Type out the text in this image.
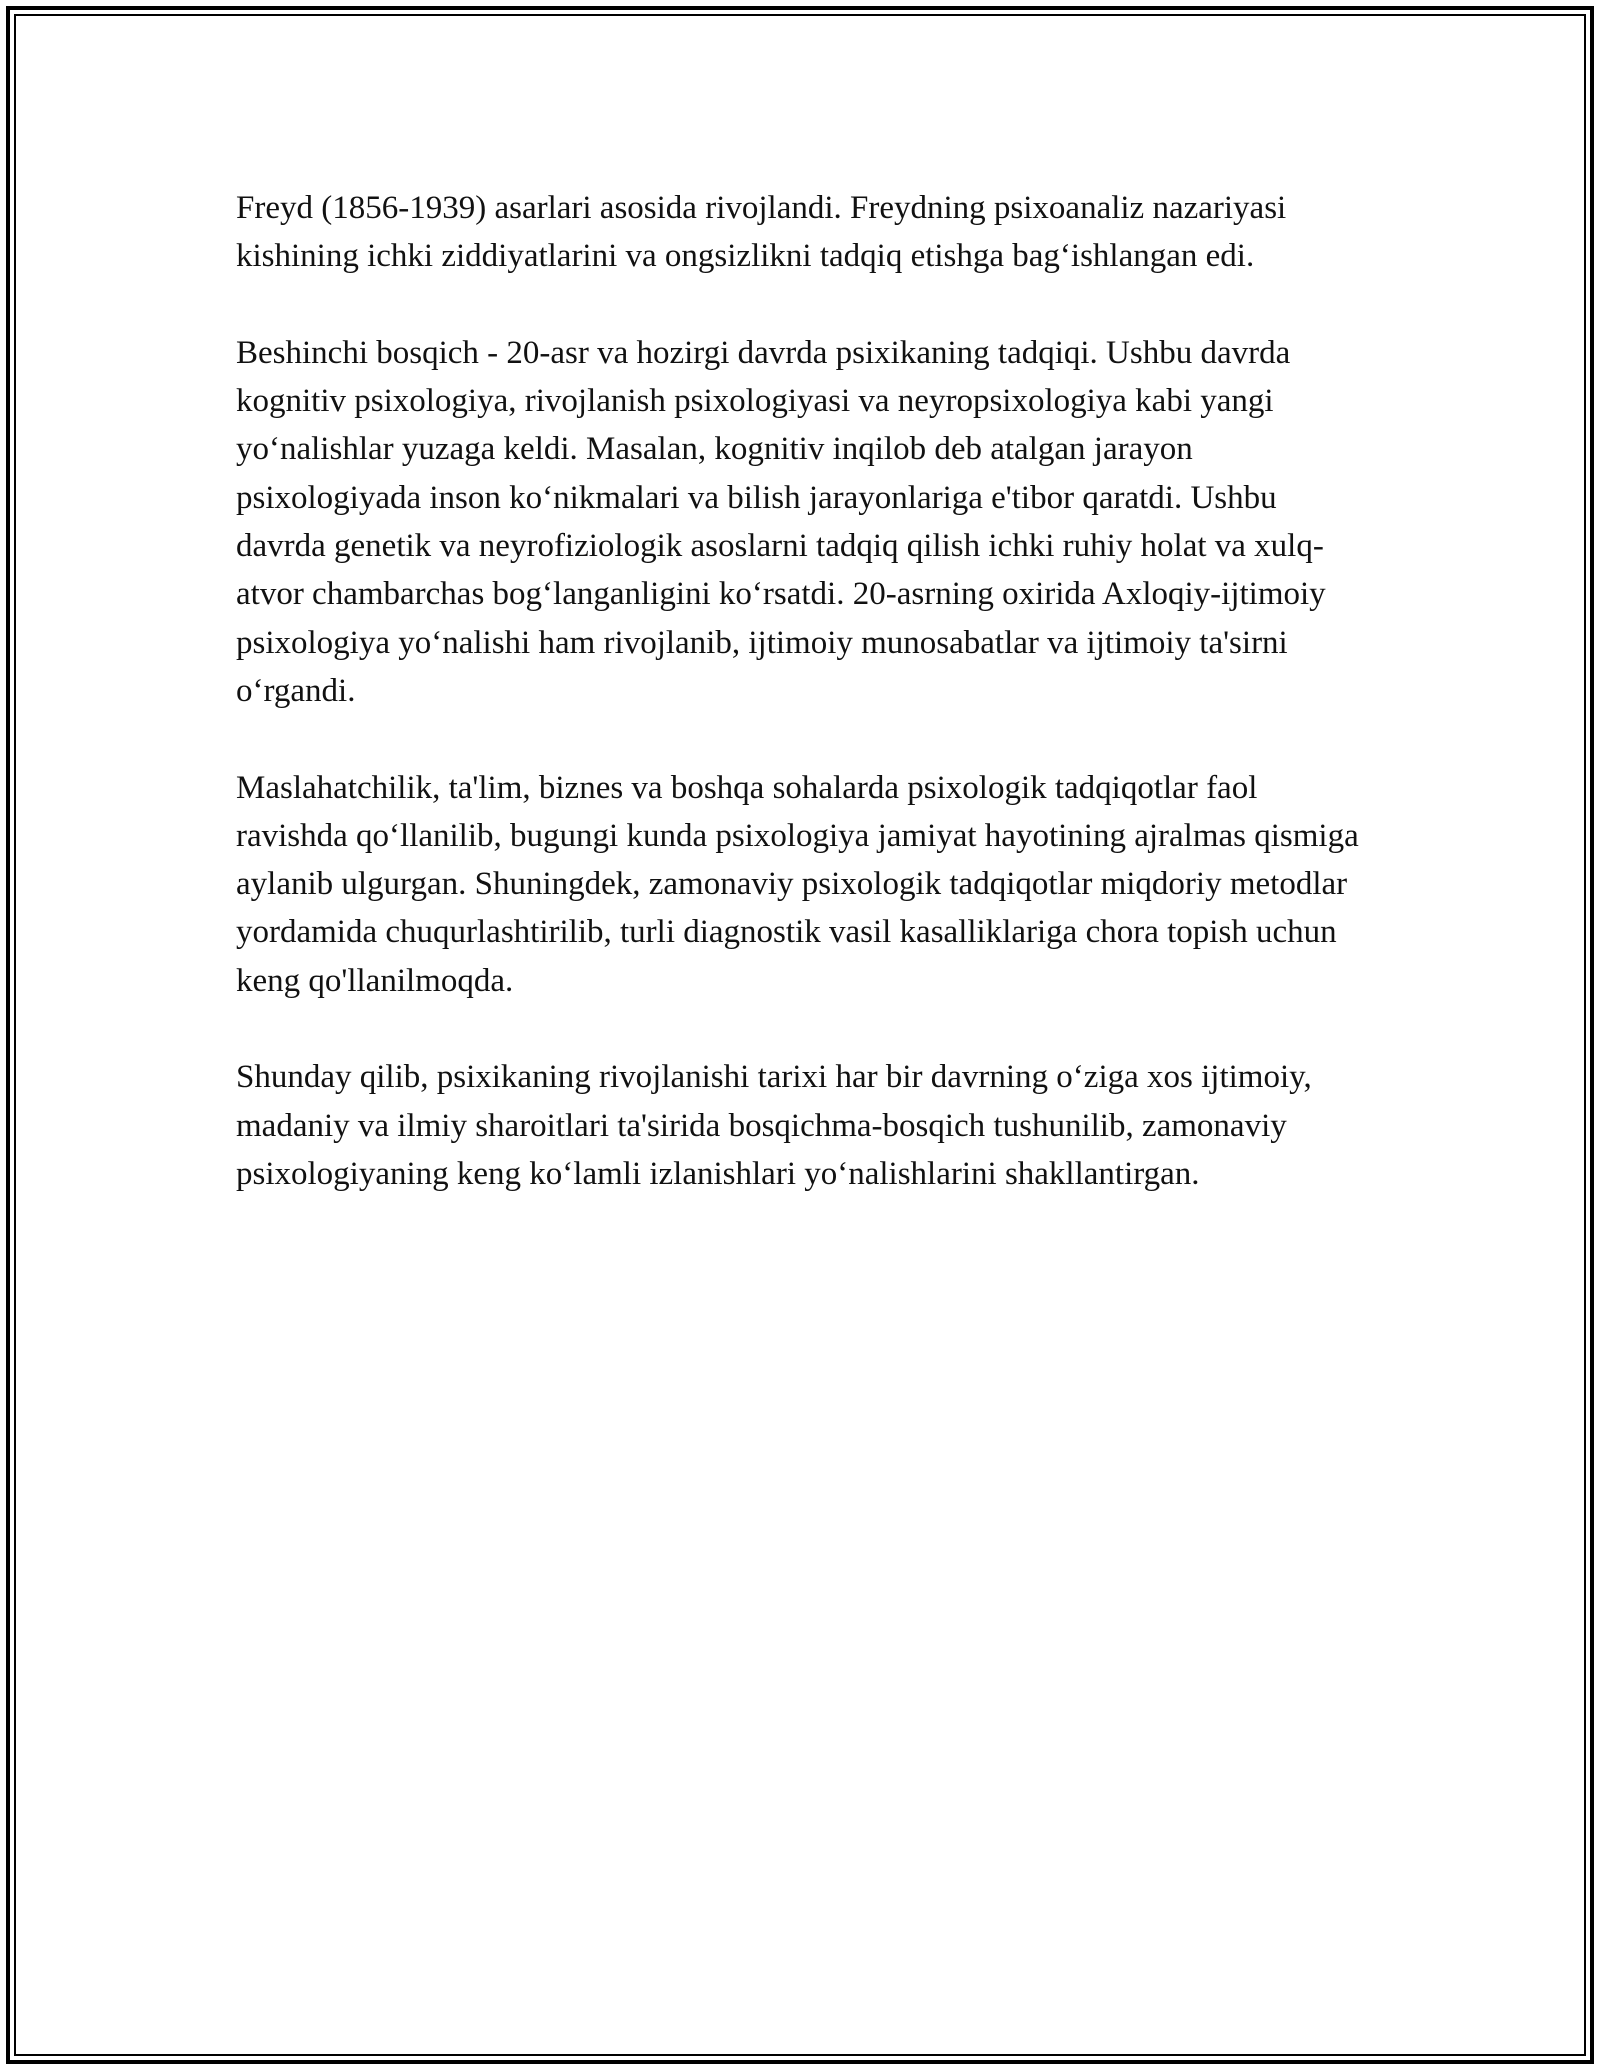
Freyd (1856-1939) asarlari asosida rivojlandi. Freydning psixoanaliz nazariyasi kishining ichki ziddiyatlarini va ongsizlikni tadqiq etishga bag‘ishlangan edi.

Beshinchi bosqich - 20-asr va hozirgi davrda psixikaning tadqiqi. Ushbu davrda kognitiv psixologiya, rivojlanish psixologiyasi va neyropsixologiya kabi yangi yo‘nalishlar yuzaga keldi. Masalan, kognitiv inqilob deb atalgan jarayon psixologiyada inson ko‘nikmalari va bilish jarayonlariga e'tibor qaratdi. Ushbu davrda genetik va neyrofiziologik asoslarni tadqiq qilish ichki ruhiy holat va xulq-atvor chambarchas bog‘langanligini ko‘rsatdi. 20-asrning oxirida Axloqiy-ijtimoiy psixologiya yo‘nalishi ham rivojlanib, ijtimoiy munosabatlar va ijtimoiy ta'sirni o‘rgandi.

Maslahatchilik, ta'lim, biznes va boshqa sohalarda psixologik tadqiqotlar faol ravishda qo‘llanilib, bugungi kunda psixologiya jamiyat hayotining ajralmas qismiga aylanib ulgurgan. Shuningdek, zamonaviy psixologik tadqiqotlar miqdoriy metodlar yordamida chuqurlashtirilib, turli diagnostik vasil kasalliklariga chora topish uchun keng qo'llanilmoqda.

Shunday qilib, psixikaning rivojlanishi tarixi har bir davrning o‘ziga xos ijtimoiy, madaniy va ilmiy sharoitlari ta'sirida bosqichma-bosqich tushunilib, zamonaviy psixologiyaning keng ko‘lamli izlanishlari yo‘nalishlarini shakllantirgan.
